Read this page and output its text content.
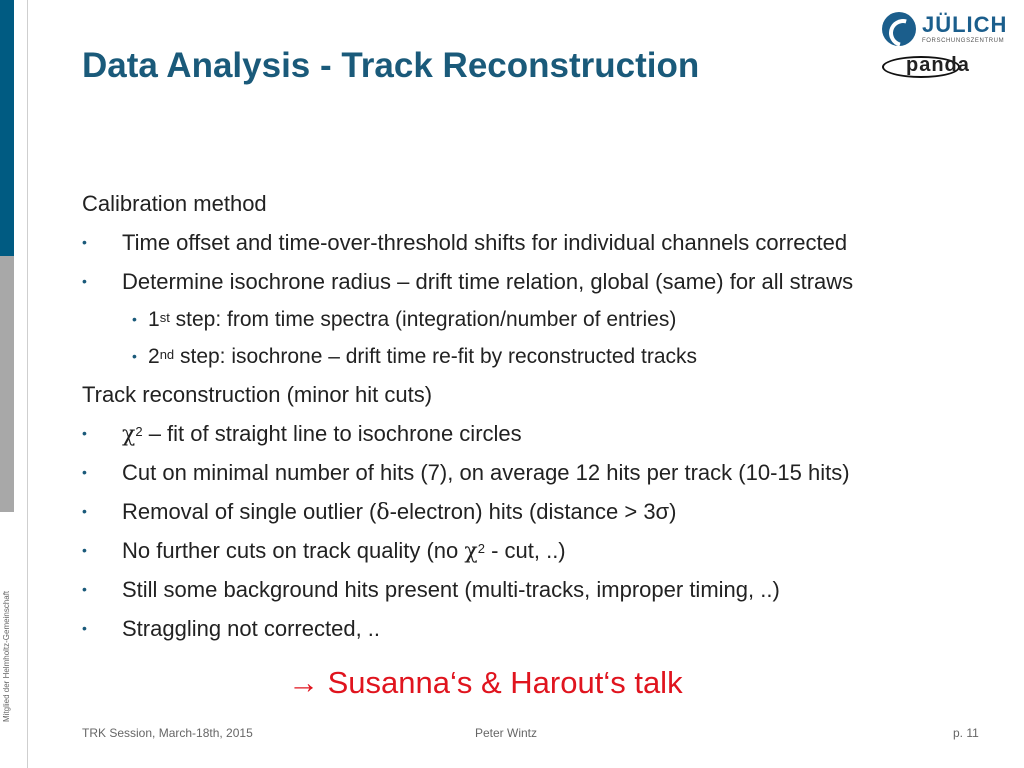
Mitglied der Helmholtz-Gemeinschaft
Data Analysis - Track Reconstruction
JÜLICH
FORSCHUNGSZENTRUM
panda
Calibration method
• Time offset and time-over-threshold shifts for individual channels corrected
• Determine isochrone radius – drift time relation, global (same) for all straws
• 1st step: from time spectra (integration/number of entries)
• 2nd step: isochrone – drift time re-fit by reconstructed tracks
Track reconstruction (minor hit cuts)
• $\chi^2$ – fit of straight line to isochrone circles
• Cut on minimal number of hits (7), on average 12 hits per track (10-15 hits)
• Removal of single outlier (δ-electron) hits (distance > 3σ)
• No further cuts on track quality (no $\chi^2$ - cut, ..)
• Still some background hits present (multi-tracks, improper timing, ..)
• Straggling not corrected, ..
→ Susanna‘s & Harout‘s talk
TRK Session, March-18th, 2015	Peter Wintz	p. 11
